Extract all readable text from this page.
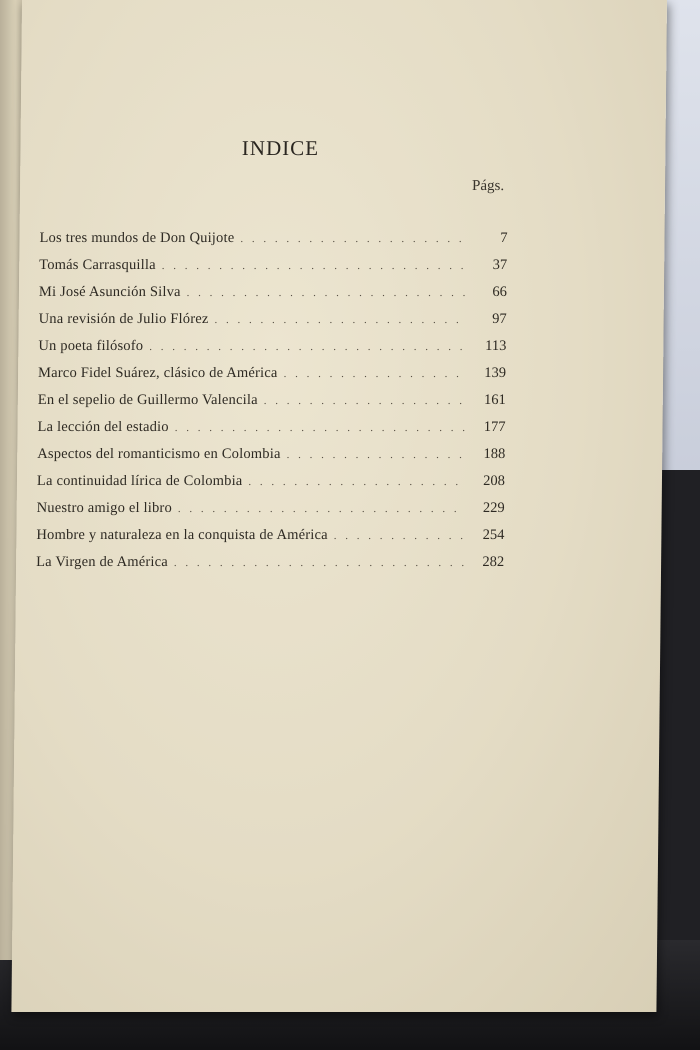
INDICE
Págs.
Los tres mundos de Don Quijote . . .	7
Tomás Carrasquilla . . .	37
Mi José Asunción Silva . . .	66
Una revisión de Julio Flórez . . .	97
Un poeta filósofo . . .	113
Marco Fidel Suárez, clásico de América . . .	139
En el sepelio de Guillermo Valencila . . .	161
La lección del estadio . . .	177
Aspectos del romanticismo en Colombia . . .	188
La continuidad lírica de Colombia . . .	208
Nuestro amigo el libro . . .	229
Hombre y naturaleza en la conquista de América . . .	254
La Virgen de América . . .	282
